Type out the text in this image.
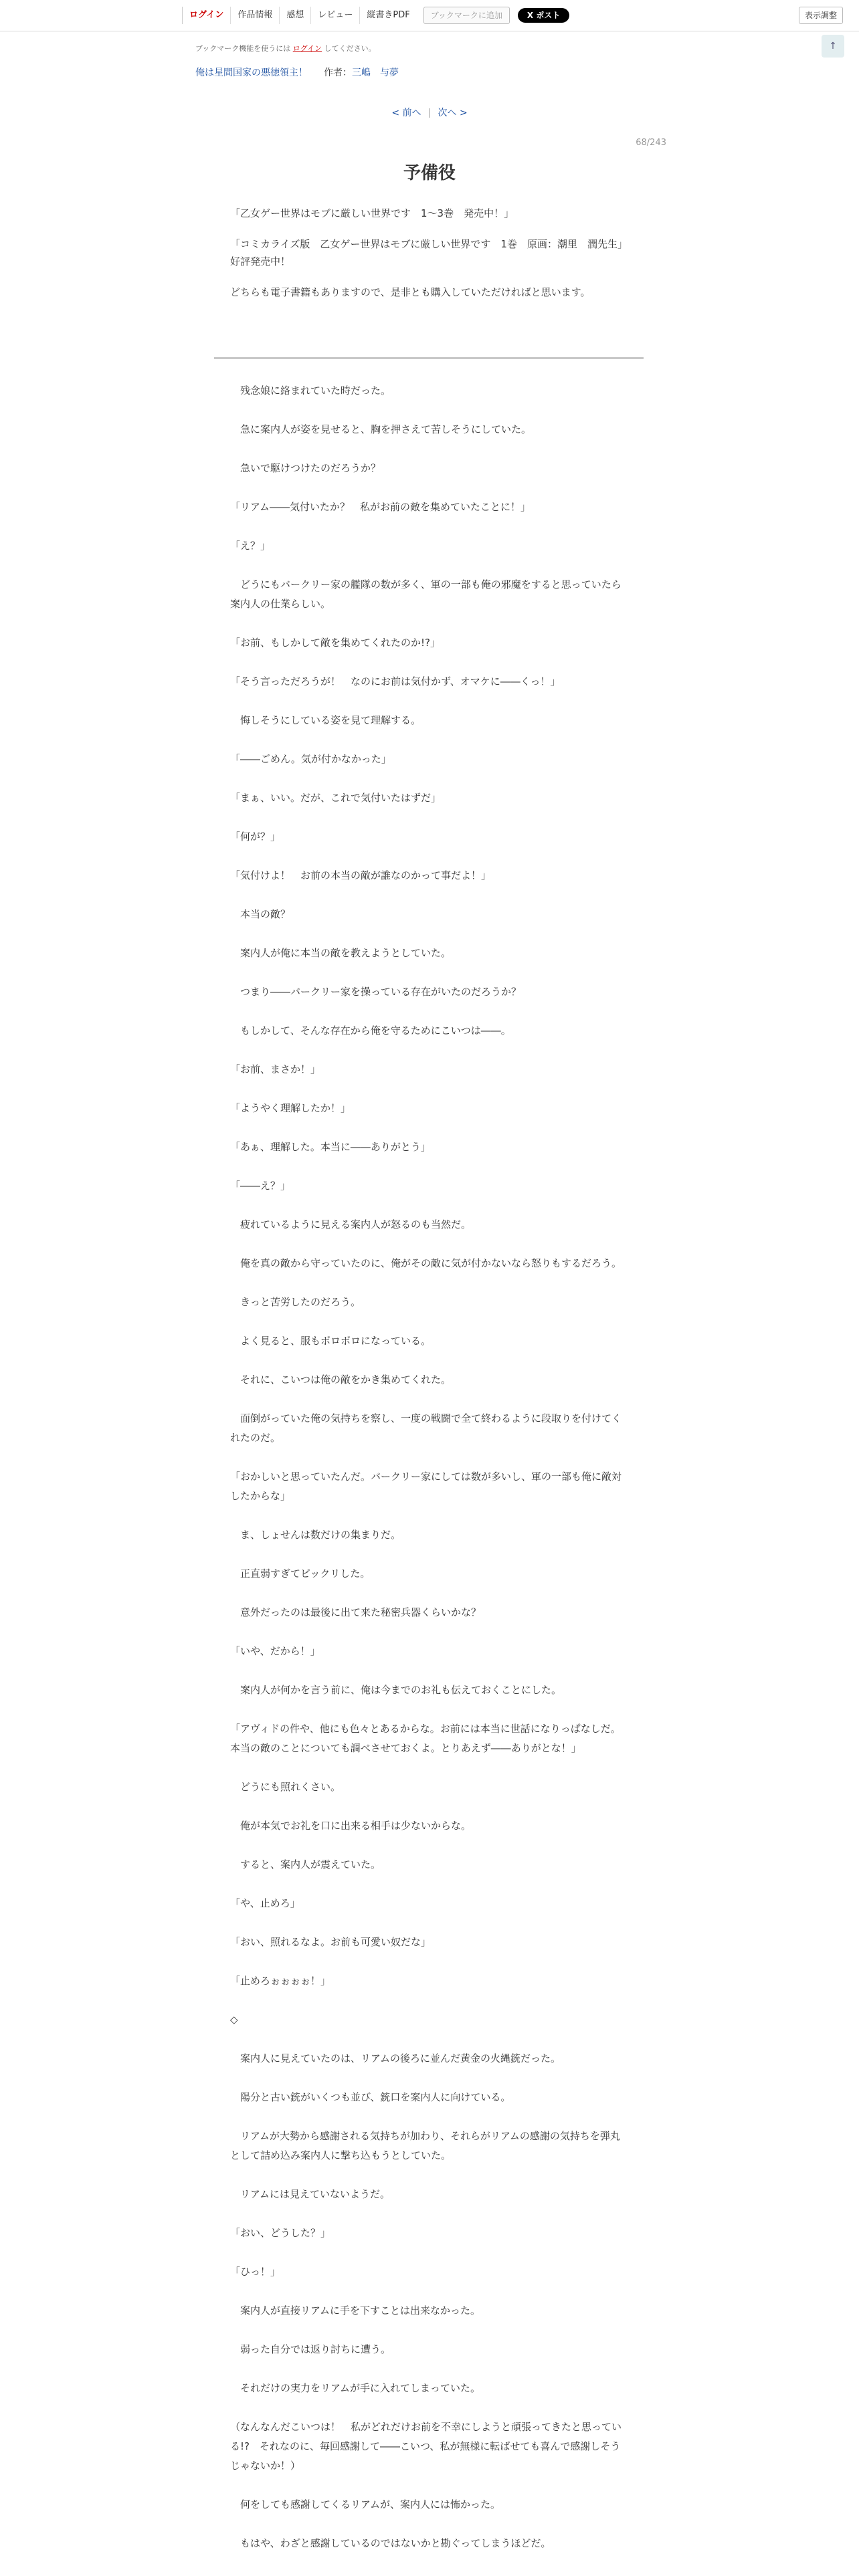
ログイン	作品情報	感想	レビュー	縦書きPDF	ブックマークに追加	X ポスト	表示調整
↑
ブックマーク機能を使うには ログイン してください。
俺は星間国家の悪徳領主！ 作者：三嶋　与夢
< 前へ 次へ >
68/243
予備役

「乙女ゲー世界はモブに厳しい世界です　1〜3巻　発売中！」

「コミカライズ版　乙女ゲー世界はモブに厳しい世界です　1巻　原画：潮里　潤先生」好評発売中！

どちらも電子書籍もありますので、是非とも購入していただければと思います。

　残念娘に絡まれていた時だった。

　急に案内人が姿を見せると、胸を押さえて苦しそうにしていた。

　急いで駆けつけたのだろうか？

「リアム――気付いたか？　私がお前の敵を集めていたことに！」

「え？」

　どうにもバークリー家の艦隊の数が多く、軍の一部も俺の邪魔をすると思っていたら案内人の仕業らしい。

「お前、もしかして敵を集めてくれたのか!?」

「そう言っただろうが！　なのにお前は気付かず、オマケに――くっ！」

　悔しそうにしている姿を見て理解する。

「――ごめん。気が付かなかった」

「まぁ、いい。だが、これで気付いたはずだ」

「何が？」

「気付けよ！　お前の本当の敵が誰なのかって事だよ！」

　本当の敵？

　案内人が俺に本当の敵を教えようとしていた。

　つまり――バークリー家を操っている存在がいたのだろうか？

　もしかして、そんな存在から俺を守るためにこいつは――。

「お前、まさか！」

「ようやく理解したか！」

「あぁ、理解した。本当に――ありがとう」

「――え？」

　疲れているように見える案内人が怒るのも当然だ。

　俺を真の敵から守っていたのに、俺がその敵に気が付かないなら怒りもするだろう。

　きっと苦労したのだろう。

　よく見ると、服もボロボロになっている。

　それに、こいつは俺の敵をかき集めてくれた。

　面倒がっていた俺の気持ちを察し、一度の戦闘で全て終わるように段取りを付けてくれたのだ。

「おかしいと思っていたんだ。バークリー家にしては数が多いし、軍の一部も俺に敵対したからな」

　ま、しょせんは数だけの集まりだ。

　正直弱すぎてビックリした。

　意外だったのは最後に出て来た秘密兵器くらいかな？

「いや、だから！」

　案内人が何かを言う前に、俺は今までのお礼も伝えておくことにした。

「アヴィドの件や、他にも色々とあるからな。お前には本当に世話になりっぱなしだ。本当の敵のことについても調べさせておくよ。とりあえず――ありがとな！」

　どうにも照れくさい。

　俺が本気でお礼を口に出来る相手は少ないからな。

　すると、案内人が震えていた。

「や、止めろ」

「おい、照れるなよ。お前も可愛い奴だな」

「止めろぉぉぉぉ！」

◇

　案内人に見えていたのは、リアムの後ろに並んだ黄金の火縄銃だった。

　陽分と古い銃がいくつも並び、銃口を案内人に向けている。

　リアムが大勢から感謝される気持ちが加わり、それらがリアムの感謝の気持ちを弾丸として詰め込み案内人に撃ち込もうとしていた。

　リアムには見えていないようだ。

「おい、どうした？」

「ひっ！」

　案内人が直接リアムに手を下すことは出来なかった。

　弱った自分では返り討ちに遭う。

　それだけの実力をリアムが手に入れてしまっていた。

（なんなんだこいつは！　私がどれだけお前を不幸にしようと頑張ってきたと思っている!?　それなのに、毎回感謝して――こいつ、私が無様に転ばせても喜んで感謝しそうじゃないか！）

　何をしても感謝してくるリアムが、案内人には怖かった。

　もはや、わざと感謝しているのではないかと勘ぐってしまうほどだ。
